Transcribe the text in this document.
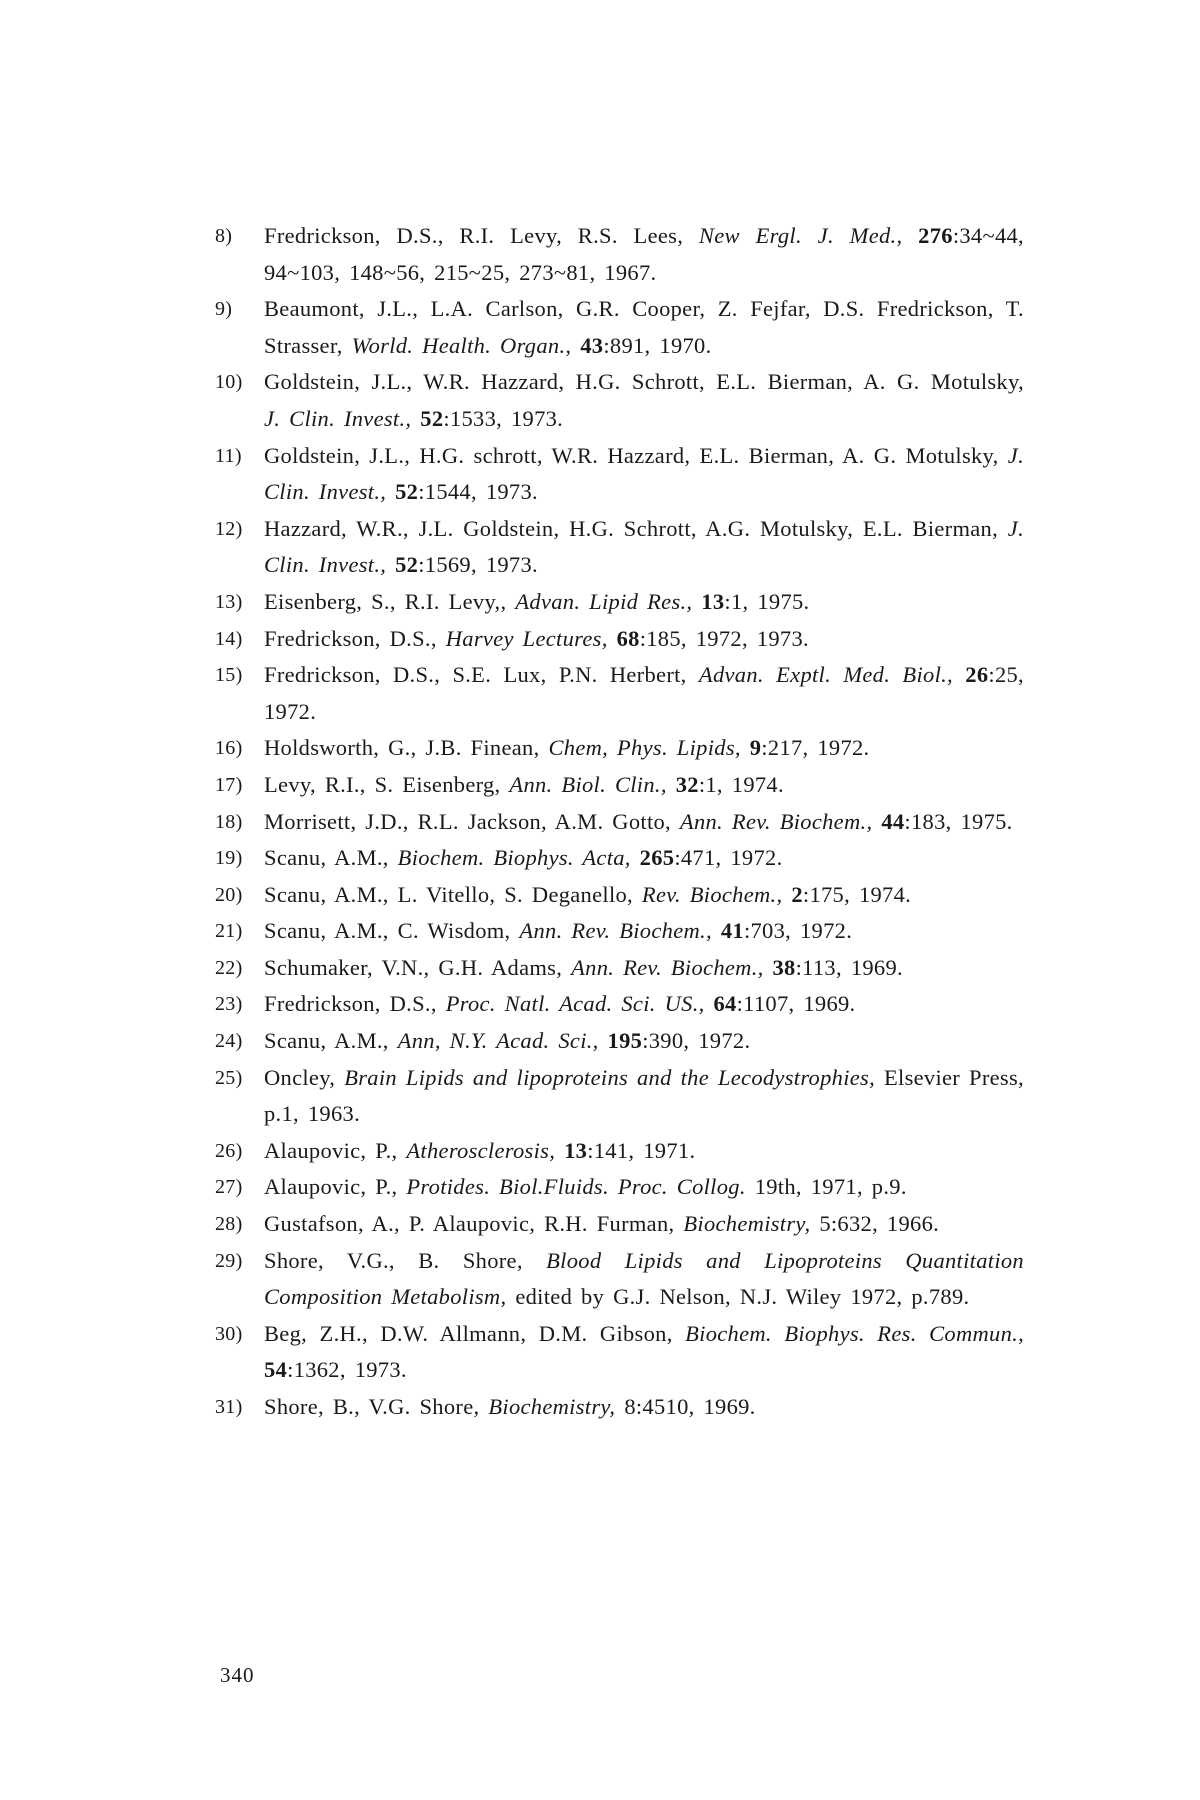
8) Fredrickson, D.S., R.I. Levy, R.S. Lees, New Ergl. J. Med., 276:34~44, 94~103, 148~56, 215~25, 273~81, 1967.
9) Beaumont, J.L., L.A. Carlson, G.R. Cooper, Z. Fejfar, D.S. Fredrickson, T. Strasser, World. Health. Organ., 43:891, 1970.
10) Goldstein, J.L., W.R. Hazzard, H.G. Schrott, E.L. Bierman, A. G. Motulsky, J. Clin. Invest., 52:1533, 1973.
11) Goldstein, J.L., H.G. schrott, W.R. Hazzard, E.L. Bierman, A. G. Motulsky, J. Clin. Invest., 52:1544, 1973.
12) Hazzard, W.R., J.L. Goldstein, H.G. Schrott, A.G. Motulsky, E.L. Bierman, J. Clin. Invest., 52:1569, 1973.
13) Eisenberg, S., R.I. Levy,, Advan. Lipid Res., 13:1, 1975.
14) Fredrickson, D.S., Harvey Lectures, 68:185, 1972, 1973.
15) Fredrickson, D.S., S.E. Lux, P.N. Herbert, Advan. Exptl. Med. Biol., 26:25, 1972.
16) Holdsworth, G., J.B. Finean, Chem, Phys. Lipids, 9:217, 1972.
17) Levy, R.I., S. Eisenberg, Ann. Biol. Clin., 32:1, 1974.
18) Morrisett, J.D., R.L. Jackson, A.M. Gotto, Ann. Rev. Biochem., 44:183, 1975.
19) Scanu, A.M., Biochem. Biophys. Acta, 265:471, 1972.
20) Scanu, A.M., L. Vitello, S. Deganello, Rev. Biochem., 2:175, 1974.
21) Scanu, A.M., C. Wisdom, Ann. Rev. Biochem., 41:703, 1972.
22) Schumaker, V.N., G.H. Adams, Ann. Rev. Biochem., 38:113, 1969.
23) Fredrickson, D.S., Proc. Natl. Acad. Sci. US., 64:1107, 1969.
24) Scanu, A.M., Ann, N.Y. Acad. Sci., 195:390, 1972.
25) Oncley, Brain Lipids and lipoproteins and the Lecodystrophies, Elsevier Press, p.1, 1963.
26) Alaupovic, P., Atherosclerosis, 13:141, 1971.
27) Alaupovic, P., Protides. Biol.Fluids. Proc. Collog. 19th, 1971, p.9.
28) Gustafson, A., P. Alaupovic, R.H. Furman, Biochemistry, 5:632, 1966.
29) Shore, V.G., B. Shore, Blood Lipids and Lipoproteins Quantitation Composition Metabolism, edited by G.J. Nelson, N.J. Wiley 1972, p.789.
30) Beg, Z.H., D.W. Allmann, D.M. Gibson, Biochem. Biophys. Res. Commun., 54:1362, 1973.
31) Shore, B., V.G. Shore, Biochemistry, 8:4510, 1969.
340
